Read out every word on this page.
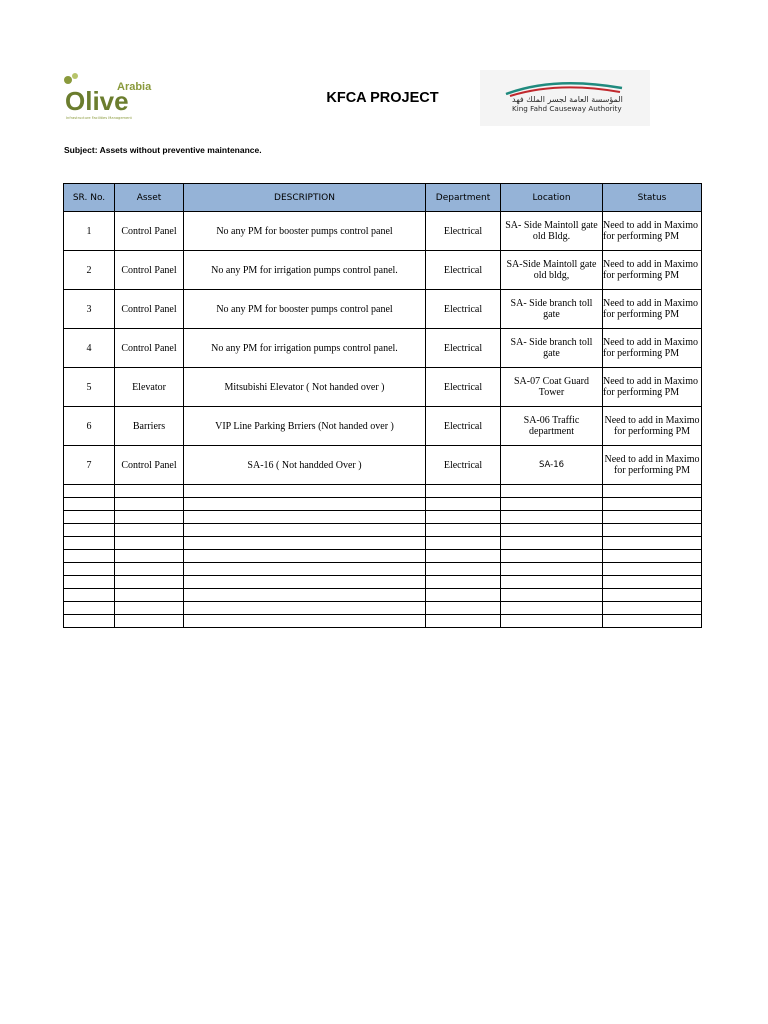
Arabia
Olive
Infrastructure Facilities Management
KFCA PROJECT	المؤسسة العامة لجسر الملك فهد
King Fahd Causeway Authority
Subject: Assets without preventive maintenance.
SR. No.	Asset	DESCRIPTION	Department	Location	Status
1	Control Panel	No any PM for booster pumps control panel	Electrical	SA- Side Maintoll gate old Bldg.	Need to add in Maximo for performing PM
2	Control Panel	No any PM for irrigation pumps control panel.	Electrical	SA-Side Maintoll gate old bldg,	Need to add in Maximo for performing PM
3	Control Panel	No any PM for booster pumps control panel	Electrical	SA- Side branch toll gate	Need to add in Maximo for performing PM
4	Control Panel	No any PM for irrigation pumps control panel.	Electrical	SA- Side branch toll gate	Need to add in Maximo for performing PM
5	Elevator	Mitsubishi Elevator ( Not handed over )	Electrical	SA-07 Coat Guard Tower	Need to add in Maximo for performing PM
6	Barriers	VIP Line Parking Brriers (Not handed over )	Electrical	SA-06 Traffic department	Need to add in Maximo for performing PM
7	Control Panel	SA-16 ( Not handded Over )	Electrical	SA-16	Need to add in Maximo for performing PM
